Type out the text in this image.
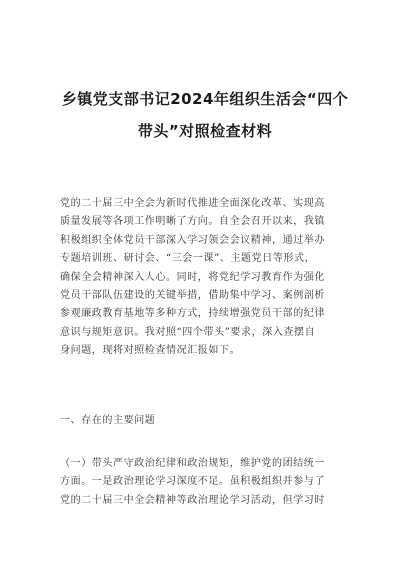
乡镇党支部书记2024年组织生活会“四个
带头”对照检查材料
党的二十届三中全会为新时代推进全面深化改革、实现高
质量发展等各项工作明晰了方向。自全会召开以来，我镇
积极组织全体党员干部深入学习领会会议精神，通过举办
专题培训班、研讨会、“三会一课”、主题党日等形式，
确保全会精神深入人心。同时，将党纪学习教育作为强化
党员干部队伍建设的关键举措，借助集中学习、案例剖析
参观廉政教育基地等多种方式，持续增强党员干部的纪律
意识与规矩意识。我对照“四个带头”要求，深入查摆自
身问题，现将对照检查情况汇报如下。
一、存在的主要问题
（一）带头严守政治纪律和政治规矩，维护党的团结统一
方面。一是政治理论学习深度不足。虽积极组织并参与了
党的二十届三中全会精神等政治理论学习活动，但学习时
